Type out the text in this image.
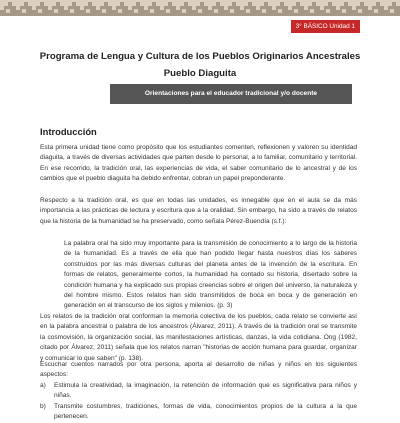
3° BÁSICO Unidad 1
Programa de Lengua y Cultura de los Pueblos Originarios Ancestrales
Pueblo Diaguita
Orientaciones para el educador tradicional y/o docente
Introducción

Esta primera unidad tiene como propósito que los estudiantes comenten, reflexionen y valoren su identidad diaguita, a través de diversas actividades que parten desde lo personal, a lo familiar, comunitario y territorial. En ese recorrido, la tradición oral, las experiencias de vida, el saber comunitario de lo ancestral y de los cambios que el pueblo diaguita ha debido enfrentar, cobran un papel preponderante.

Respecto a la tradición oral, es que en todas las unidades, es innegable que en el aula se da más importancia a las prácticas de lectura y escritura que a la oralidad. Sin embargo, ha sido a través de relatos que la historia de la humanidad se ha preservado, como señala Pérez-Buendía (s.f.):

La palabra oral ha sido muy importante para la transmisión de conocimiento a lo largo de la historia de la humanidad. Es a través de ella que han podido llegar hasta nuestros días los saberes construidos por las más diversas culturas del planeta antes de la invención de la escritura. En formas de relatos, generalmente cortos, la humanidad ha contado su historia, disertado sobre la condición humana y ha explicado sus propias creencias sobre el origen del universo, la naturaleza y del hombre mismo. Estos relatos han sido transmitidos de boca en boca y de generación en generación en el transcurso de los siglos y milenios. (p. 3)

Los relatos de la tradición oral conforman la memoria colectiva de los pueblos, cada relato se convierte así en la palabra ancestral o palabra de los ancestros (Álvarez, 2011). A través de la tradición oral se transmite la cosmovisión, la organización social, las manifestaciones artísticas, danzas, la vida cotidiana. Ong (1982, citado por Álvarez, 2011) señala que los relatos narran "historias de acción humana para guardar, organizar y comunicar lo que saben" (p. 138).

Escuchar cuentos narrados por otra persona, aporta al desarrollo de niñas y niños en los siguientes aspectos:

a)	Estimula la creatividad, la imaginación, la retención de información que es significativa para niños y niñas.
b)	Transmite costumbres, tradiciones, formas de vida, conocimientos propios de la cultura a la que pertenecen.
